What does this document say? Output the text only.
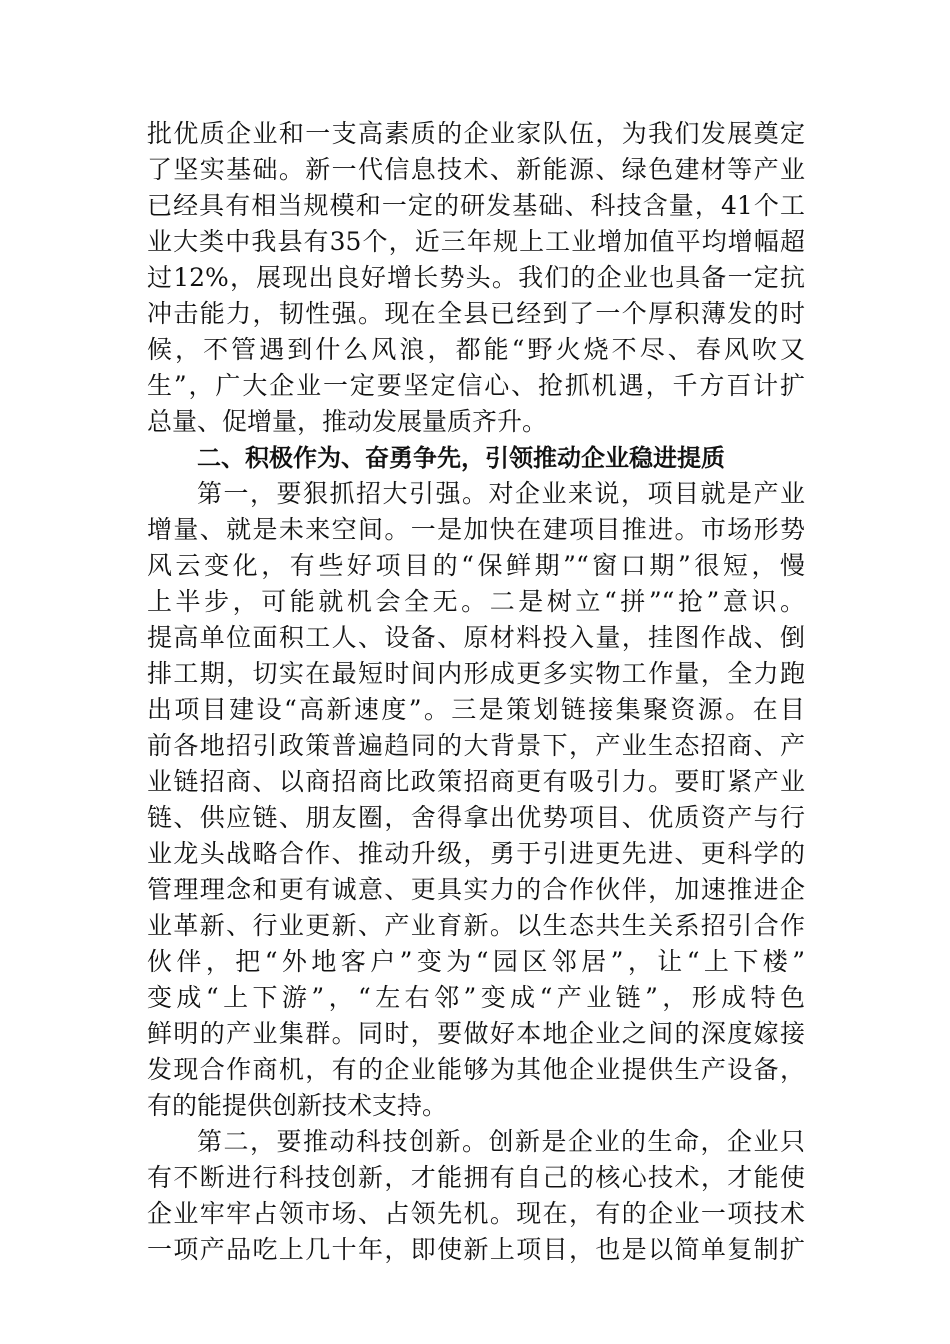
批优质企业和一支高素质的企业家队伍，为我们发展奠定
了坚实基础。新一代信息技术、新能源、绿色建材等产业
已经具有相当规模和一定的研发基础、科技含量，41个工
业大类中我县有35个，近三年规上工业增加值平均增幅超
过12%，展现出良好增长势头。我们的企业也具备一定抗
冲击能力，韧性强。现在全县已经到了一个厚积薄发的时
候，不管遇到什么风浪，都能“野火烧不尽、春风吹又
生”，广大企业一定要坚定信心、抢抓机遇，千方百计扩
总量、促增量，推动发展量质齐升。
二、积极作为、奋勇争先，引领推动企业稳进提质
第一，要狠抓招大引强。对企业来说，项目就是产业
增量、就是未来空间。一是加快在建项目推进。市场形势
风云变化，有些好项目的“保鲜期”“窗口期”很短，慢
上半步，可能就机会全无。二是树立“拼”“抢”意识。
提高单位面积工人、设备、原材料投入量，挂图作战、倒
排工期，切实在最短时间内形成更多实物工作量，全力跑
出项目建设“高新速度”。三是策划链接集聚资源。在目
前各地招引政策普遍趋同的大背景下，产业生态招商、产
业链招商、以商招商比政策招商更有吸引力。要盯紧产业
链、供应链、朋友圈，舍得拿出优势项目、优质资产与行
业龙头战略合作、推动升级，勇于引进更先进、更科学的
管理理念和更有诚意、更具实力的合作伙伴，加速推进企
业革新、行业更新、产业育新。以生态共生关系招引合作
伙伴，把“外地客户”变为“园区邻居”，让“上下楼”
变成“上下游”，“左右邻”变成“产业链”，形成特色
鲜明的产业集群。同时，要做好本地企业之间的深度嫁接
发现合作商机，有的企业能够为其他企业提供生产设备，
有的能提供创新技术支持。
第二，要推动科技创新。创新是企业的生命，企业只
有不断进行科技创新，才能拥有自己的核心技术，才能使
企业牢牢占领市场、占领先机。现在，有的企业一项技术
一项产品吃上几十年，即使新上项目，也是以简单复制扩
